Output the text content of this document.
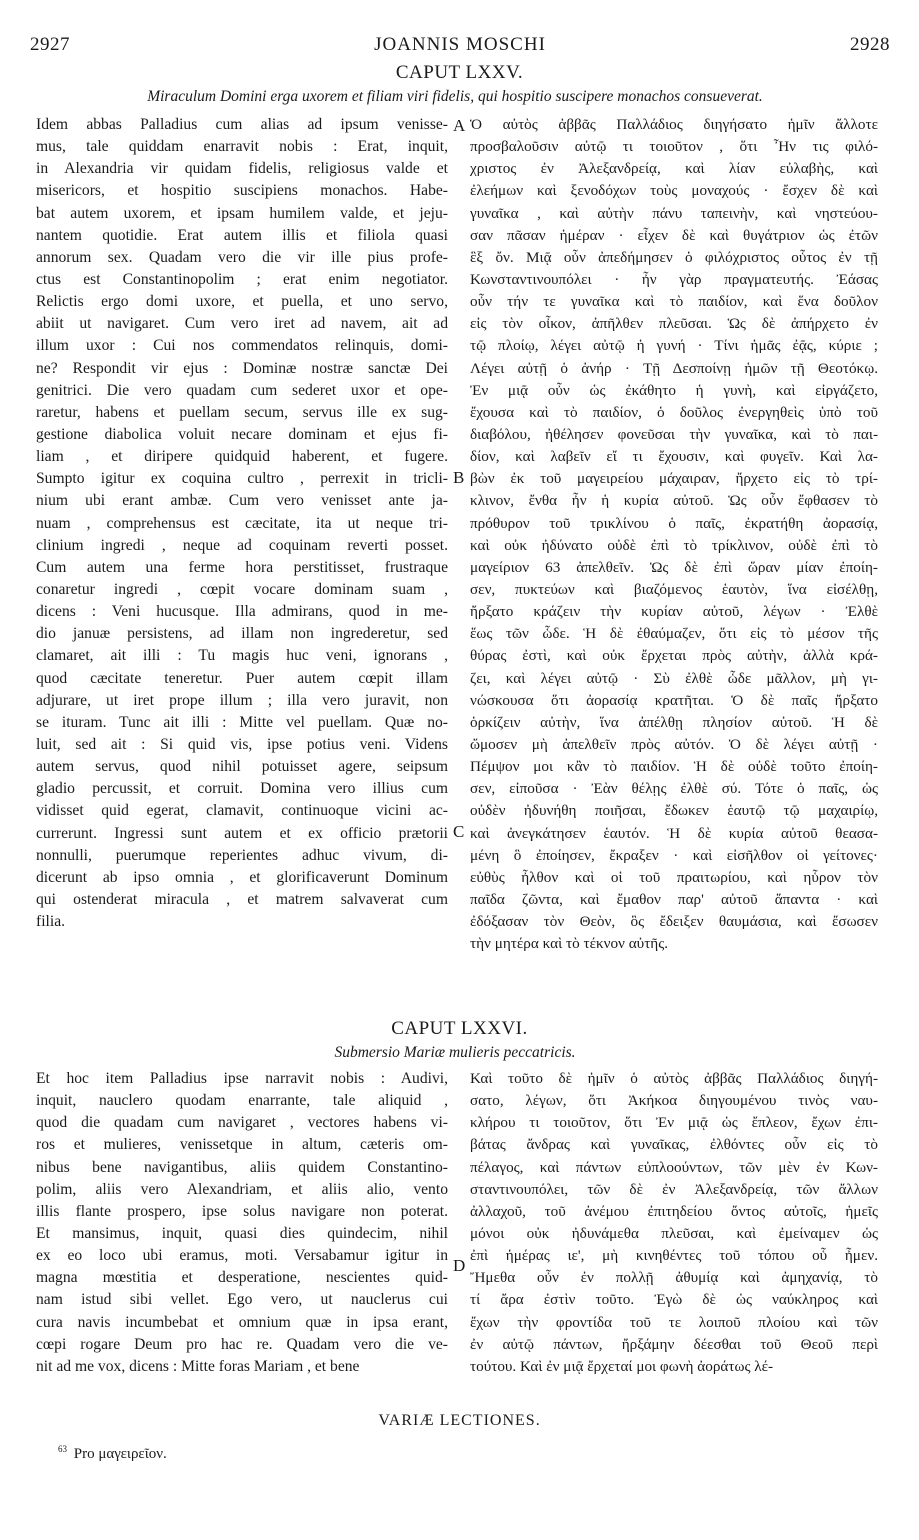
2927	JOANNIS MOSCHI	2928
CAPUT LXXV.
Miraculum Domini erga uxorem et filiam viri fidelis, qui hospitio suscipere monachos consueverat.
Idem abbas Palladius cum alias ad ipsum venisse-
mus, tale quiddam enarravit nobis : Erat, inquit,
in Alexandria vir quidam fidelis, religiosus valde et
misericors, et hospitio suscipiens monachos. Habe-
bat autem uxorem, et ipsam humilem valde, et jeju-
nantem quotidie. Erat autem illis et filiola quasi
annorum sex. Quadam vero die vir ille pius profe-
ctus est Constantinopolim ; erat enim negotiator.
Relictis ergo domi uxore, et puella, et uno servo,
abiit ut navigaret. Cum vero iret ad navem, ait ad
illum uxor : Cui nos commendatos relinquis, domi-
ne? Respondit vir ejus : Dominæ nostræ sanctæ Dei
genitrici. Die vero quadam cum sederet uxor et ope-
raretur, habens et puellam secum, servus ille ex sug-
gestione diabolica voluit necare dominam et ejus fi-
liam , et diripere quidquid haberent, et fugere.
Sumpto igitur ex coquina cultro , perrexit in tricli-
nium ubi erant ambæ. Cum vero venisset ante ja-
nuam , comprehensus est cæcitate, ita ut neque tri-
clinium ingredi , neque ad coquinam reverti posset.
Cum autem una ferme hora perstitisset, frustraque
conaretur ingredi , cœpit vocare dominam suam ,
dicens : Veni hucusque. Illa admirans, quod in me-
dio januæ persistens, ad illam non ingrederetur, sed
clamaret, ait illi : Tu magis huc veni, ignorans ,
quod cæcitate teneretur. Puer autem cœpit illam
adjurare, ut iret prope illum ; illa vero juravit, non
se ituram. Tunc ait illi : Mitte vel puellam. Quæ no-
luit, sed ait : Si quid vis, ipse potius veni. Videns
autem servus, quod nihil potuisset agere, seipsum
gladio percussit, et corruit. Domina vero illius cum
vidisset quid egerat, clamavit, continuoque vicini ac-
currerunt. Ingressi sunt autem et ex officio prætorii
nonnulli, puerumque reperientes adhuc vivum, di-
dicerunt ab ipso omnia , et glorificaverunt Dominum
qui ostenderat miracula , et matrem salvaverat cum
filia.
Ὁ αὐτὸς ἀββᾶς Παλλάδιος διηγήσατο ἡμῖν ἄλλοτε
προσβαλοῦσιν αὐτῷ τι τοιοῦτον , ὅτι Ἦν τις φιλό-
χριστος ἐν Ἀλεξανδρείᾳ, καὶ λίαν εὐλαβὴς, καὶ
ἐλεήμων καὶ ξενοδόχων τοὺς μοναχούς · ἔσχεν δὲ καὶ
γυναῖκα , καὶ αὐτὴν πάνυ ταπεινὴν, καὶ νηστεύου-
σαν πᾶσαν ἡμέραν · εἶχεν δὲ καὶ θυγάτριον ὡς ἐτῶν
ἓξ ὄν. Μιᾷ οὖν ἀπεδήμησεν ὁ φιλόχριστος οὗτος ἐν τῇ
Κωνσταντινουπόλει · ἦν γὰρ πραγματευτής. Ἐάσας
οὖν τήν τε γυναῖκα καὶ τὸ παιδίον, καὶ ἕνα δοῦλον
εἰς τὸν οἶκον, ἀπῆλθεν πλεῦσαι. Ὡς δὲ ἀπήρχετο ἐν
τῷ πλοίῳ, λέγει αὐτῷ ἡ γυνή · Τίνι ἡμᾶς ἐᾷς, κύριε ;
Λέγει αὐτῇ ὁ ἀνήρ · Τῇ Δεσποίνῃ ἡμῶν τῇ Θεοτόκῳ.
Ἐν μιᾷ οὖν ὡς ἐκάθητο ἡ γυνὴ, καὶ εἰργάζετο,
ἔχουσα καὶ τὸ παιδίον, ὁ δοῦλος ἐνεργηθεὶς ὑπὸ τοῦ
διαβόλου, ἠθέλησεν φονεῦσαι τὴν γυναῖκα, καὶ τὸ παι-
δίον, καὶ λαβεῖν εἴ τι ἔχουσιν, καὶ φυγεῖν. Καὶ λα-
βὼν ἐκ τοῦ μαγειρείου μάχαιραν, ἤρχετο εἰς τὸ τρί-
κλινον, ἔνθα ἦν ἡ κυρία αὐτοῦ. Ὡς οὖν ἔφθασεν τὸ
πρόθυρον τοῦ τρικλίνου ὁ παῖς, ἐκρατήθη ἀορασίᾳ,
καὶ οὐκ ἠδύνατο οὐδὲ ἐπὶ τὸ τρίκλινον, οὐδὲ ἐπὶ τὸ
μαγείριον 63 ἀπελθεῖν. Ὡς δὲ ἐπὶ ὥραν μίαν ἐποίη-
σεν, πυκτεύων καὶ βιαζόμενος ἑαυτὸν, ἵνα εἰσέλθῃ,
ἤρξατο κράζειν τὴν κυρίαν αὐτοῦ, λέγων · Ἐλθὲ
ἕως τῶν ὧδε. Ἡ δὲ ἐθαύμαζεν, ὅτι εἰς τὸ μέσον τῆς
θύρας ἐστὶ, καὶ οὐκ ἔρχεται πρὸς αὐτὴν, ἀλλὰ κρά-
ζει, καὶ λέγει αὐτῷ · Σὺ ἐλθὲ ὧδε μᾶλλον, μὴ γι-
νώσκουσα ὅτι ἀορασίᾳ κρατῆται. Ὁ δὲ παῖς ἤρξατο
ὁρκίζειν αὐτὴν, ἵνα ἀπέλθῃ πλησίον αὐτοῦ. Ἡ δὲ
ὤμοσεν μὴ ἀπελθεῖν πρὸς αὐτόν. Ὁ δὲ λέγει αὐτῇ ·
Πέμψον μοι κἂν τὸ παιδίον. Ἡ δὲ οὐδὲ τοῦτο ἐποίη-
σεν, εἰποῦσα · Ἐὰν θέλῃς ἐλθὲ σύ. Τότε ὁ παῖς, ὡς
οὐδὲν ἠδυνήθη ποιῆσαι, ἔδωκεν ἑαυτῷ τῷ μαχαιρίῳ,
καὶ ἀνεγκάτησεν ἑαυτόν. Ἡ δὲ κυρία αὐτοῦ θεασα-
μένη ὃ ἐποίησεν, ἔκραξεν · καὶ εἰσῆλθον οἱ γείτονες·
εὐθὺς ἦλθον καὶ οἱ τοῦ πραιτωρίου, καὶ ηὗρον τὸν
παῖδα ζῶντα, καὶ ἔμαθον παρ' αὐτοῦ ἅπαντα · καὶ
ἐδόξασαν τὸν Θεὸν, ὃς ἔδειξεν θαυμάσια, καὶ ἔσωσεν
τὴν μητέρα καὶ τὸ τέκνον αὐτῆς.
A
B
C
D
CAPUT LXXVI.
Submersio Mariæ mulieris peccatricis.
Et hoc item Palladius ipse narravit nobis : Audivi,
inquit, nauclero quodam enarrante, tale aliquid ,
quod die quadam cum navigaret , vectores habens vi-
ros et mulieres, venissetque in altum, cæteris om-
nibus bene navigantibus, aliis quidem Constantino-
polim, aliis vero Alexandriam, et aliis alio, vento
illis flante prospero, ipse solus navigare non poterat.
Et mansimus, inquit, quasi dies quindecim, nihil
ex eo loco ubi eramus, moti. Versabamur igitur in
magna mœstitia et desperatione, nescientes quid-
nam istud sibi vellet. Ego vero, ut nauclerus cui
cura navis incumbebat et omnium quæ in ipsa erant,
cœpi rogare Deum pro hac re. Quadam vero die ve-
nit ad me vox, dicens : Mitte foras Mariam , et bene
Καὶ τοῦτο δὲ ἡμῖν ὁ αὐτὸς ἀββᾶς Παλλάδιος διηγή-
σατο, λέγων, ὅτι Ἀκήκοα διηγουμένου τινὸς ναυ-
κλήρου τι τοιοῦτον, ὅτι Ἐν μιᾷ ὡς ἔπλεον, ἔχων ἐπι-
βάτας ἄνδρας καὶ γυναῖκας, ἐλθόντες οὖν εἰς τὸ
πέλαγος, καὶ πάντων εὐπλοούντων, τῶν μὲν ἐν Κων-
σταντινουπόλει, τῶν δὲ ἐν Ἀλεξανδρείᾳ, τῶν ἄλλων
ἀλλαχοῦ, τοῦ ἀνέμου ἐπιτηδείου ὄντος αὐτοῖς, ἡμεῖς
μόνοι οὐκ ἠδυνάμεθα πλεῦσαι, καὶ ἐμείναμεν ὡς
ἐπὶ ἡμέρας ιε', μὴ κινηθέντες τοῦ τόπου οὗ ἦμεν.
Ἤμεθα οὖν ἐν πολλῇ ἀθυμίᾳ καὶ ἀμηχανίᾳ, τὸ
τί ἄρα ἐστὶν τοῦτο. Ἐγὼ δὲ ὡς ναύκληρος καὶ
ἔχων τὴν φροντίδα τοῦ τε λοιποῦ πλοίου καὶ τῶν
ἐν αὐτῷ πάντων, ἤρξάμην δέεσθαι τοῦ Θεοῦ περὶ
τούτου. Καὶ ἐν μιᾷ ἔρχεταί μοι φωνὴ ἀοράτως λέ-
VARIÆ LECTIONES.
$^{63}$ Pro μαγειρεῖον.
